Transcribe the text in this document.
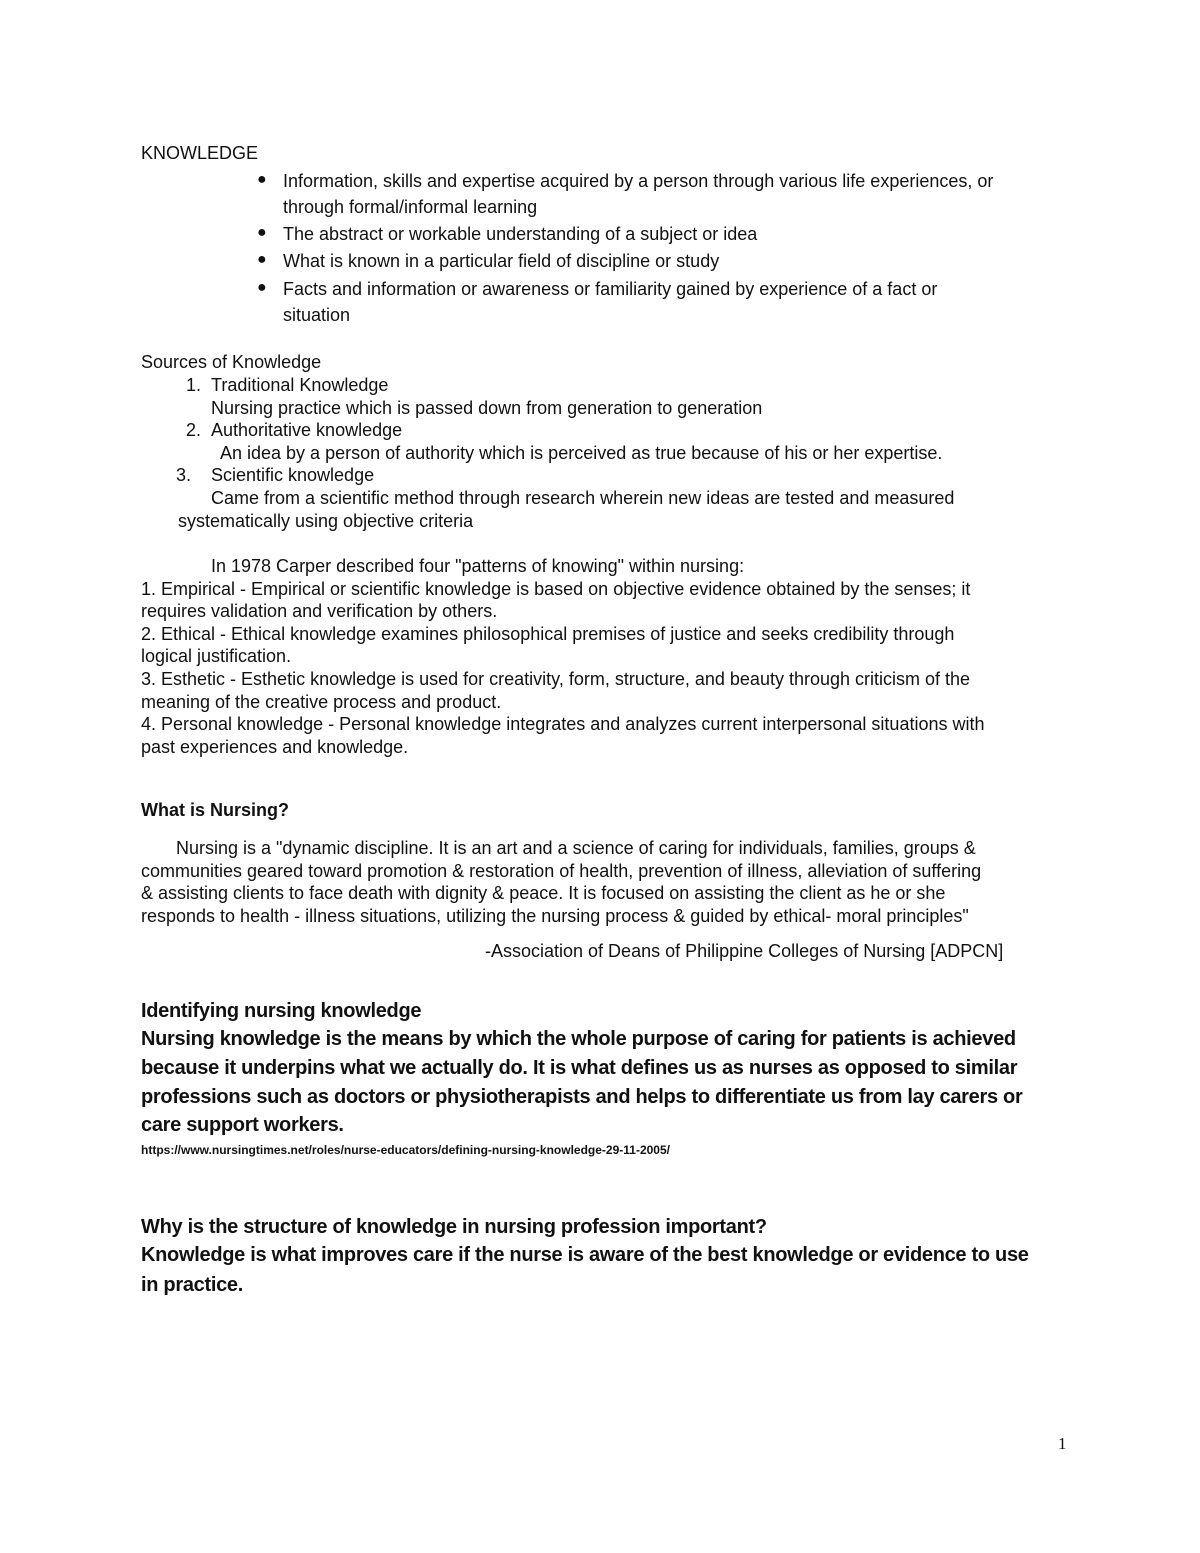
KNOWLEDGE
● Information, skills and expertise acquired by a person through various life experiences, or
through formal/informal learning
● The abstract or workable understanding of a subject or idea
● What is known in a particular field of discipline or study
● Facts and information or awareness or familiarity gained by experience of a fact or
situation
Sources of Knowledge
1. Traditional Knowledge
Nursing practice which is passed down from generation to generation
2. Authoritative knowledge
An idea by a person of authority which is perceived as true because of his or her expertise.
3. Scientific knowledge
Came from a scientific method through research wherein new ideas are tested and measured
systematically using objective criteria
In 1978 Carper described four "patterns of knowing" within nursing:
1. Empirical - Empirical or scientific knowledge is based on objective evidence obtained by the senses; it
requires validation and verification by others.
2. Ethical - Ethical knowledge examines philosophical premises of justice and seeks credibility through
logical justification.
3. Esthetic - Esthetic knowledge is used for creativity, form, structure, and beauty through criticism of the
meaning of the creative process and product.
4. Personal knowledge - Personal knowledge integrates and analyzes current interpersonal situations with
past experiences and knowledge.
What is Nursing?
Nursing is a "dynamic discipline. It is an art and a science of caring for individuals, families, groups &
communities geared toward promotion & restoration of health, prevention of illness, alleviation of suffering
& assisting clients to face death with dignity & peace. It is focused on assisting the client as he or she
responds to health - illness situations, utilizing the nursing process & guided by ethical- moral principles"
-Association of Deans of Philippine Colleges of Nursing [ADPCN]
Identifying nursing knowledge
Nursing knowledge is the means by which the whole purpose of caring for patients is achieved
because it underpins what we actually do. It is what defines us as nurses as opposed to similar
professions such as doctors or physiotherapists and helps to differentiate us from lay carers or
care support workers.
https://www.nursingtimes.net/roles/nurse-educators/defining-nursing-knowledge-29-11-2005/
Why is the structure of knowledge in nursing profession important?
Knowledge is what improves care if the nurse is aware of the best knowledge or evidence to use
in practice.
1
